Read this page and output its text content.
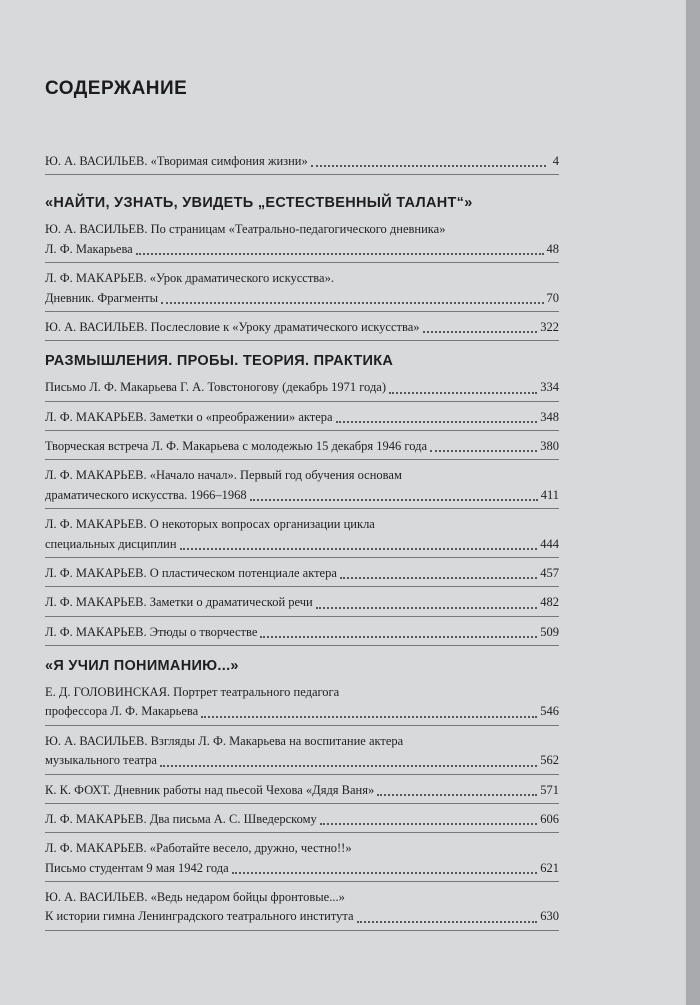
СОДЕРЖАНИЕ
Ю. А. ВАСИЛЬЕВ.
«Творимая симфония жизни»	4
«НАЙТИ, УЗНАТЬ, УВИДЕТЬ „ЕСТЕСТВЕННЫЙ ТАЛАНТ“»
Ю. А. ВАСИЛЬЕВ. По страницам «Театрально-педагогического дневника»
Л. Ф. Макарьева	48
Л. Ф. МАКАРЬЕВ. «Урок драматического искусства».
Дневник. Фрагменты	70
Ю. А. ВАСИЛЬЕВ. Послесловие к «Уроку драматического искусства»	322
РАЗМЫШЛЕНИЯ. ПРОБЫ. ТЕОРИЯ. ПРАКТИКА
Письмо Л. Ф. Макарьева Г. А. Товстоногову (декабрь 1971 года)	334
Л. Ф. МАКАРЬЕВ. Заметки о «преображении» актера	348
Творческая встреча Л. Ф. Макарьева с молодежью 15 декабря 1946 года	380
Л. Ф. МАКАРЬЕВ. «Начало начал». Первый год обучения основам
драматического искусства. 1966–1968	411
Л. Ф. МАКАРЬЕВ. О некоторых вопросах организации цикла
специальных дисциплин	444
Л. Ф. МАКАРЬЕВ. О пластическом потенциале актера	457
Л. Ф. МАКАРЬЕВ. Заметки о драматической речи	482
Л. Ф. МАКАРЬЕВ. Этюды о творчестве	509
«Я УЧИЛ ПОНИМАНИЮ...»
Е. Д. ГОЛОВИНСКАЯ. Портрет театрального педагога
профессора Л. Ф. Макарьева	546
Ю. А. ВАСИЛЬЕВ. Взгляды Л. Ф. Макарьева на воспитание актера
музыкального театра	562
К. К. ФОХТ. Дневник работы над пьесой Чехова «Дядя Ваня»	571
Л. Ф. МАКАРЬЕВ. Два письма А. С. Шведерскому	606
Л. Ф. МАКАРЬЕВ. «Работайте весело, дружно, честно!!»
Письмо студентам 9 мая 1942 года	621
Ю. А. ВАСИЛЬЕВ. «Ведь недаром бойцы фронтовые...»
К истории гимна Ленинградского театрального института	630
